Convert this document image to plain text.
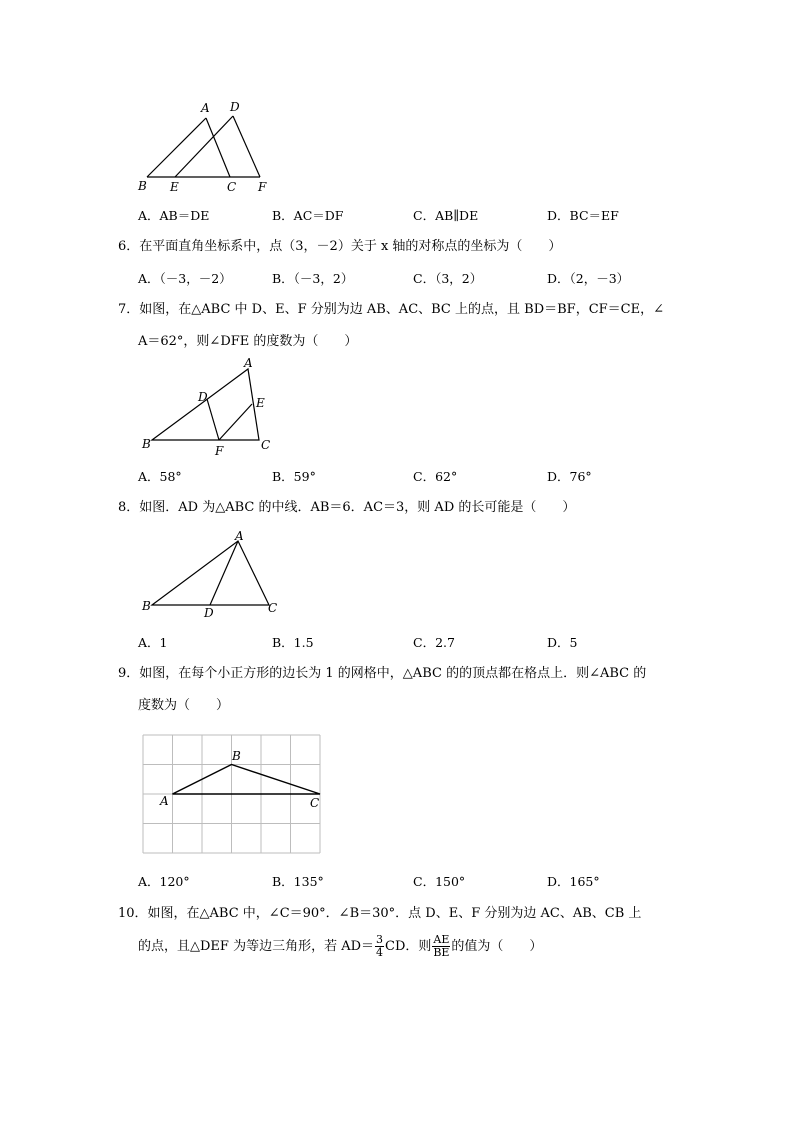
A D
B E	C F
A．AB＝DE	B．AC＝DF	C．AB∥DE	D．BC＝EF
6．在平面直角坐标系中，点（3，－2）关于 x 轴的对称点的坐标为（　　）
A．（－3，－2）	B．（－3，2）	C．（3，2）	D．（2，－3）
7．如图，在△ABC 中 D、E、F 分别为边 AB、AC、BC 上的点，且 BD＝BF，CF＝CE，∠
A＝62°，则∠DFE 的度数为（　　）
A
D	E
B	F	C
A．58°	B．59°	C．62°	D．76°
8．如图．AD 为△ABC 的中线．AB＝6．AC＝3，则 AD 的长可能是（　　）
A
B	D	C
A．1	B．1.5	C．2.7	D．5
9．如图，在每个小正方形的边长为 1 的网格中，△ABC 的的顶点都在格点上．则∠ABC 的
度数为（　　）
B
A	C
A．120°	B．135°	C．150°	D．165°
10．如图，在△ABC 中，∠C＝90°．∠B＝30°．点 D、E、F 分别为边 AC、AB、CB 上
的点，且△DEF 为等边三角形，若 $AD= \frac{3}{4}$ CD．则 $\frac{AE}{BE}$ 的值为（　　）
